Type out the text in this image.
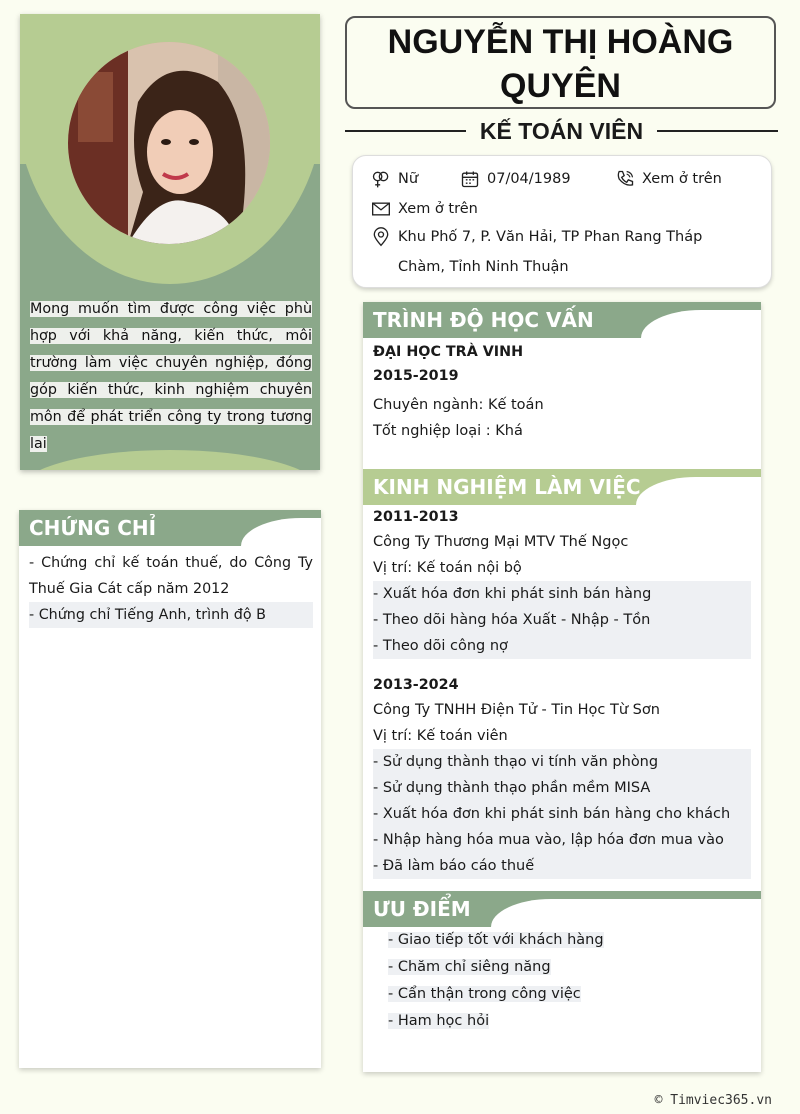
Mong muốn tìm được công việc phù hợp với khả năng, kiến thức, môi trường làm việc chuyên nghiệp, đóng góp kiến thức, kinh nghiệm chuyên môn để phát triển công ty trong tương lai
CHỨNG CHỈ
- Chứng chỉ kế toán thuế, do Công Ty Thuế Gia Cát cấp năm 2012
- Chứng chỉ Tiếng Anh, trình độ B
NGUYỄN THỊ HOÀNG QUYÊN
KẾ TOÁN VIÊN
Nữ	07/04/1989	Xem ở trên
Xem ở trên
Khu Phố 7, P. Văn Hải, TP Phan Rang Tháp Chàm, Tỉnh Ninh Thuận
TRÌNH ĐỘ HỌC VẤN
ĐẠI HỌC TRÀ VINH
2015-2019
Chuyên ngành: Kế toán
Tốt nghiệp loại : Khá
KINH NGHIỆM LÀM VIỆC
2011-2013
Công Ty Thương Mại MTV Thế Ngọc
Vị trí: Kế toán nội bộ
- Xuất hóa đơn khi phát sinh bán hàng
- Theo dõi hàng hóa Xuất - Nhập - Tồn
- Theo dõi công nợ
2013-2024
Công Ty TNHH Điện Tử - Tin Học Từ Sơn
Vị trí: Kế toán viên
- Sử dụng thành thạo vi tính văn phòng
- Sử dụng thành thạo phần mềm MISA
- Xuất hóa đơn khi phát sinh bán hàng cho khách
- Nhập hàng hóa mua vào, lập hóa đơn mua vào
- Đã làm báo cáo thuế
ƯU ĐIỂM
- Giao tiếp tốt với khách hàng
- Chăm chỉ siêng năng
- Cẩn thận trong công việc
- Ham học hỏi
© Timviec365.vn
